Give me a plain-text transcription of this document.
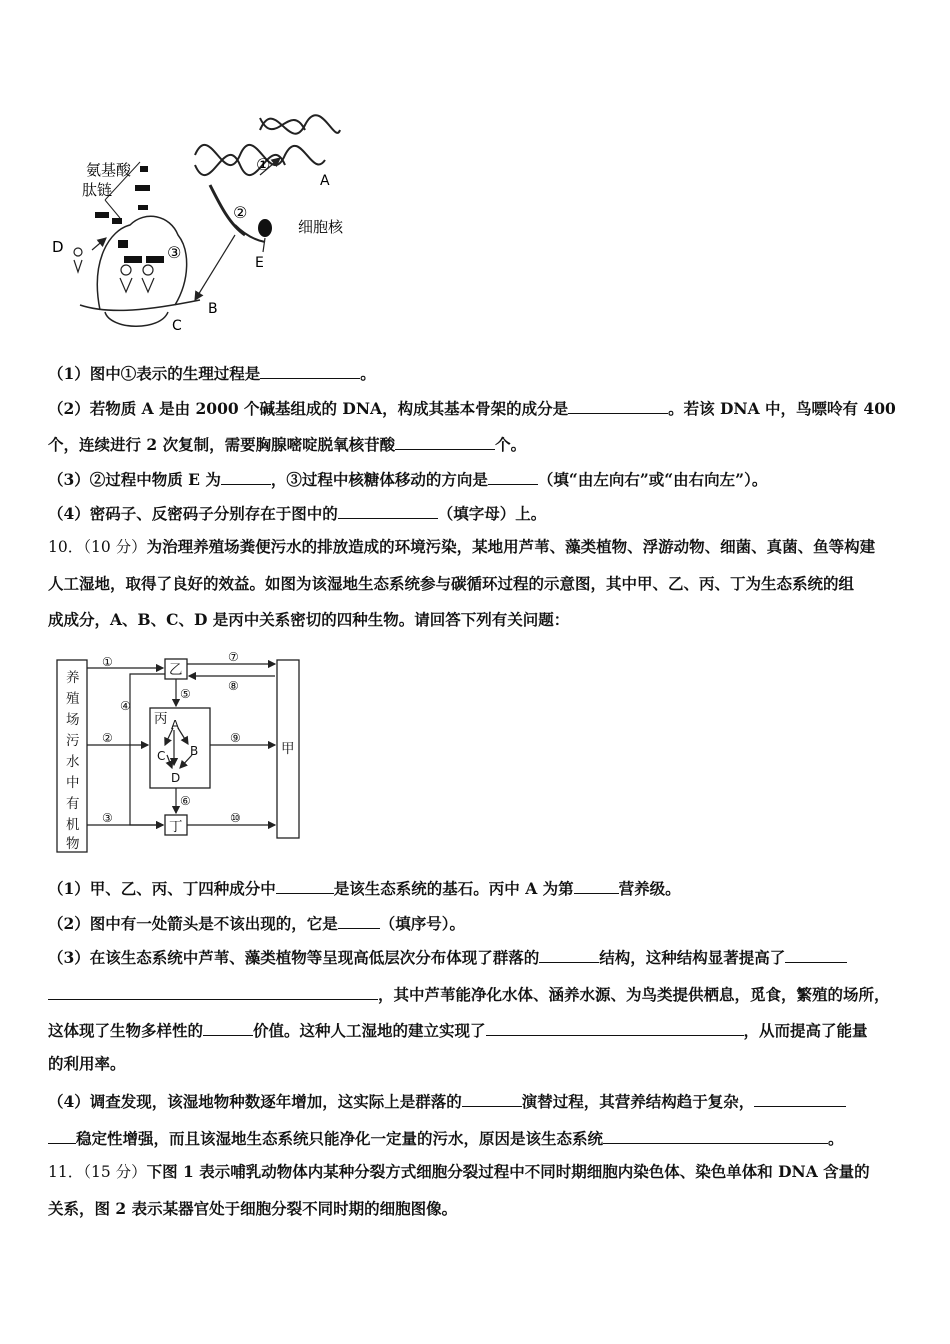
氨基酸
肽链
细胞核
D
E
A
B
C
①
②
③
（1）图中①表示的生理过程是	。
（2）若物质 A 是由 2000 个碱基组成的 DNA，构成其基本骨架的成分是	。若该 DNA 中，鸟嘌呤有 400
个，连续进行 2 次复制，需要胸腺嘧啶脱氧核苷酸	个。
（3）②过程中物质 E 为	，③过程中核糖体移动的方向是	（填“由左向右”或“由右向左”）。
（4）密码子、反密码子分别存在于图中的	（填字母）上。
10．（10 分）为治理养殖场粪便污水的排放造成的环境污染，某地用芦苇、藻类植物、浮游动物、细菌、真菌、鱼等构建
人工湿地，取得了良好的效益。如图为该湿地生态系统参与碳循环过程的示意图，其中甲、乙、丙、丁为生态系统的组
成成分，A、B、C、D 是丙中关系密切的四种生物。请回答下列有关问题：
养
殖
场
污
水
中
有
机
物
乙
丙
丁
甲
A
B
C
D
①
②
③
④
⑤
⑥
⑦
⑧
⑨
⑩
（1）甲、乙、丙、丁四种成分中	是该生态系统的基石。丙中 A 为第	营养级。
（2）图中有一处箭头是不该出现的，它是	（填序号）。
（3）在该生态系统中芦苇、藻类植物等呈现高低层次分布体现了群落的	结构，这种结构显著提高了
，其中芦苇能净化水体、涵养水源、为鸟类提供栖息，觅食，繁殖的场所，
这体现了生物多样性的	价值。这种人工湿地的建立实现了	，从而提高了能量
的利用率。
（4）调查发现，该湿地物种数逐年增加，这实际上是群落的	演替过程，其营养结构趋于复杂，
稳定性增强，而且该湿地生态系统只能净化一定量的污水，原因是该生态系统	。
11．（15 分）下图 1 表示哺乳动物体内某种分裂方式细胞分裂过程中不同时期细胞内染色体、染色单体和 DNA 含量的
关系，图 2 表示某器官处于细胞分裂不同时期的细胞图像。
